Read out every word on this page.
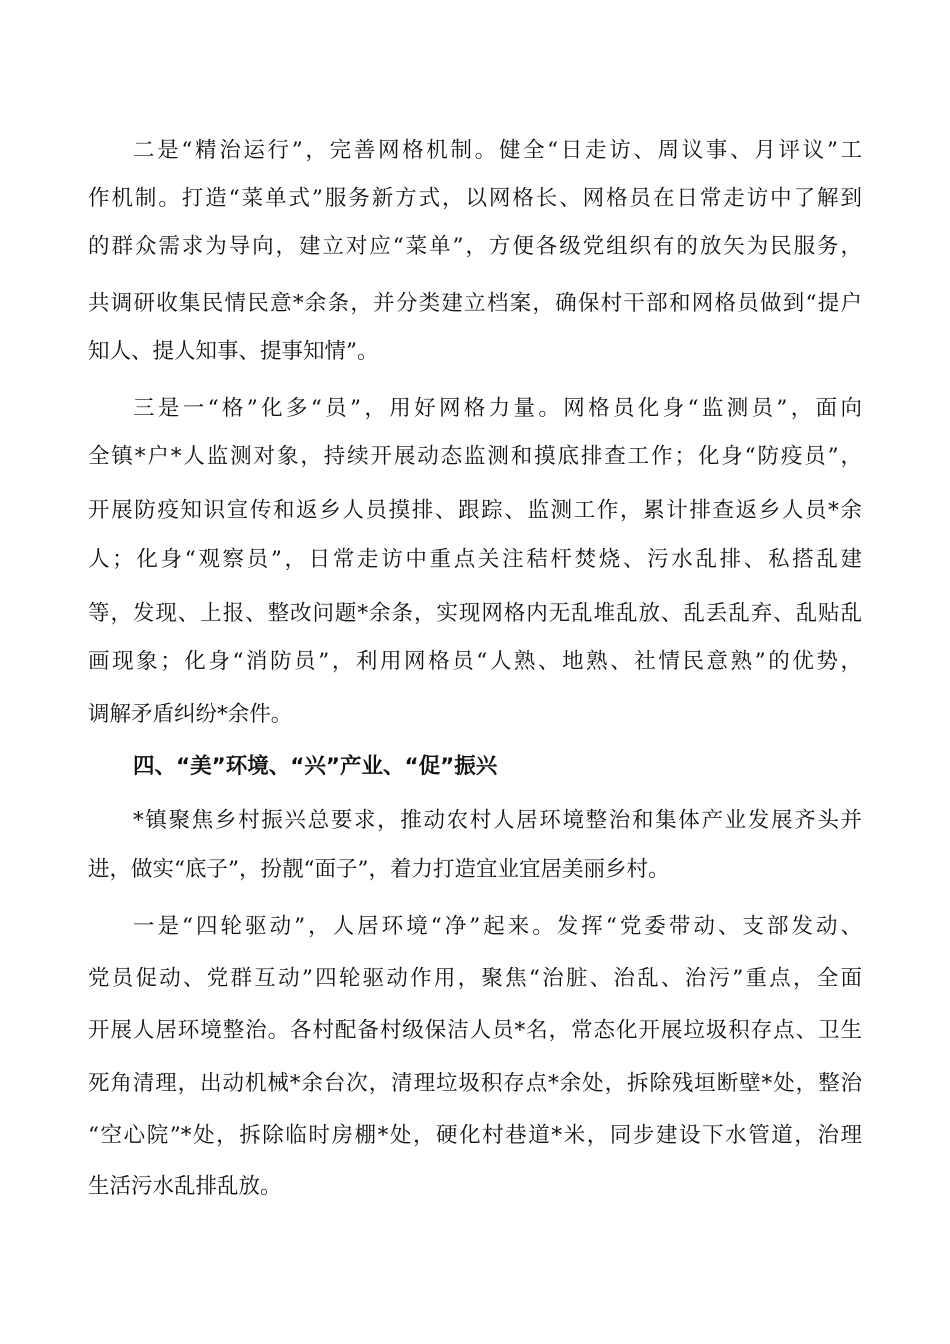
二是“精治运行”，完善网格机制。健全“日走访、周议事、月评议”工
作机制。打造“菜单式”服务新方式，以网格长、网格员在日常走访中了解到
的群众需求为导向，建立对应“菜单”，方便各级党组织有的放矢为民服务，
共调研收集民情民意*余条，并分类建立档案，确保村干部和网格员做到“提户
知人、提人知事、提事知情”。
三是一“格”化多“员”，用好网格力量。网格员化身“监测员”，面向
全镇*户*人监测对象，持续开展动态监测和摸底排查工作；化身“防疫员”，
开展防疫知识宣传和返乡人员摸排、跟踪、监测工作，累计排查返乡人员*余
人；化身“观察员”，日常走访中重点关注秸杆焚烧、污水乱排、私搭乱建
等，发现、上报、整改问题*余条，实现网格内无乱堆乱放、乱丢乱弃、乱贴乱
画现象；化身“消防员”，利用网格员“人熟、地熟、社情民意熟”的优势，
调解矛盾纠纷*余件。
四、“美”环境、“兴”产业、“促”振兴
*镇聚焦乡村振兴总要求，推动农村人居环境整治和集体产业发展齐头并
进，做实“底子”，扮靓“面子”，着力打造宜业宜居美丽乡村。
一是“四轮驱动”，人居环境“净”起来。发挥“党委带动、支部发动、
党员促动、党群互动”四轮驱动作用，聚焦“治脏、治乱、治污”重点，全面
开展人居环境整治。各村配备村级保洁人员*名，常态化开展垃圾积存点、卫生
死角清理，出动机械*余台次，清理垃圾积存点*余处，拆除残垣断壁*处，整治
“空心院”*处，拆除临时房棚*处，硬化村巷道*米，同步建设下水管道，治理
生活污水乱排乱放。
